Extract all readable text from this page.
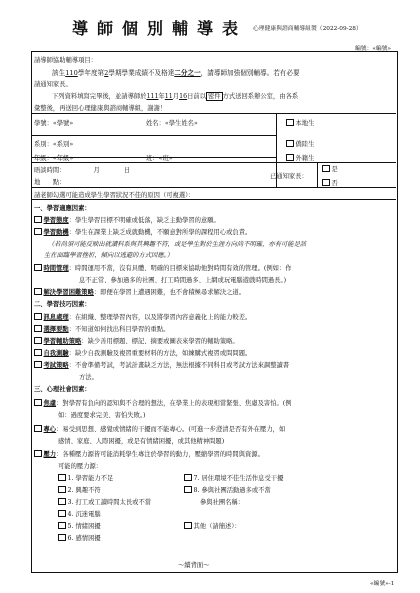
導師個別輔導表 心理健康與諮商輔導組製（2022-09-28）
編號：«編號»
請導師協助輔導項目：
該生110學年度第2學期學業成績不及格達二分之一，請導師加強個別輔導。若有必要
請通知家長。
下列資料填寫完畢後，並請導師於111年11月16日前以 密件 方式送回系辦公室，由各系
彙整後，再送回心理健康與諮商輔導組，謝謝！
學號：«學號»	姓名：«學生姓名»	本地生
系別：«系別»	僑陸生
年級：«年級»	班：«班»	外籍生
晤談時間：	月	日
地　　點：
已通知家長：
是
否
請老師勾選可能造成學生學習狀況不佳的原因（可複選）：
一、學習適應因素：
學習態度：學生學習目標不明確或低落，缺乏主動學習的意願。
學習動機：學生在課業上缺乏成就動機，不願意對所學的課程用心或負責。
（若尚須可能反映出就讀科系與其興趣不符，或是學生對於生涯方向尚不明確，亦有可能是該
生在面臨學習挫折，傾向以逃避的方式因應。）
時間管理：時間運用不當，沒有具體、明確的目標來協助他對時間有效的管理。(例如：作
息不正常、參加過多的社團、打工時間過多、上網或玩電腦遊戲時間過長。)
解決學習困難策略：即便在學習上遭遇困難，也不會積極尋求解決之道。
二、學習技巧因素：
訊息處理：在組織、整理學習內容，以及將學習內容意義化上的能力較差。
選擇要點：不知道如何找出科目學習的重點。
學習輔助策略：缺少善用標題、標記、摘要或圖表來學習的輔助策略。
自我測驗：缺少自我測驗及複習重要材料的方法，如練購式複習或問問題。
考試策略：不會準備考試，考試計畫缺乏方法，無法根據不同科目或考試方法來調整讀書
方法。
三、心理社會因素：
焦慮：對學習有負向的認知與不合理的想法，在學業上的表現相當緊張、焦慮及害怕。(例
如：過度要求完美、害怕失敗。)
專心：易受到思想、感覺或情緒的干擾而不能專心。(可進一步澄清是否有外在壓力，如
感情、家庭、人際困擾，或是有情緒困擾，或其他精神問題)
壓力：各種壓力源皆可能消耗學生專注於學習的動力，壓縮學習的時間與資源。
可能的壓力源：
1. 學習能力不足
2. 興趣不符
3. 打工或工讀時間太長或不當
4. 沉迷電腦
5. 情緒困擾
6. 感情困擾
7. 居住環境不佳生活作息受干擾
8. 參與社團活動過多或不當
參與社團名稱：
其他（請簡述）：
～續背面～
«編號»-1
